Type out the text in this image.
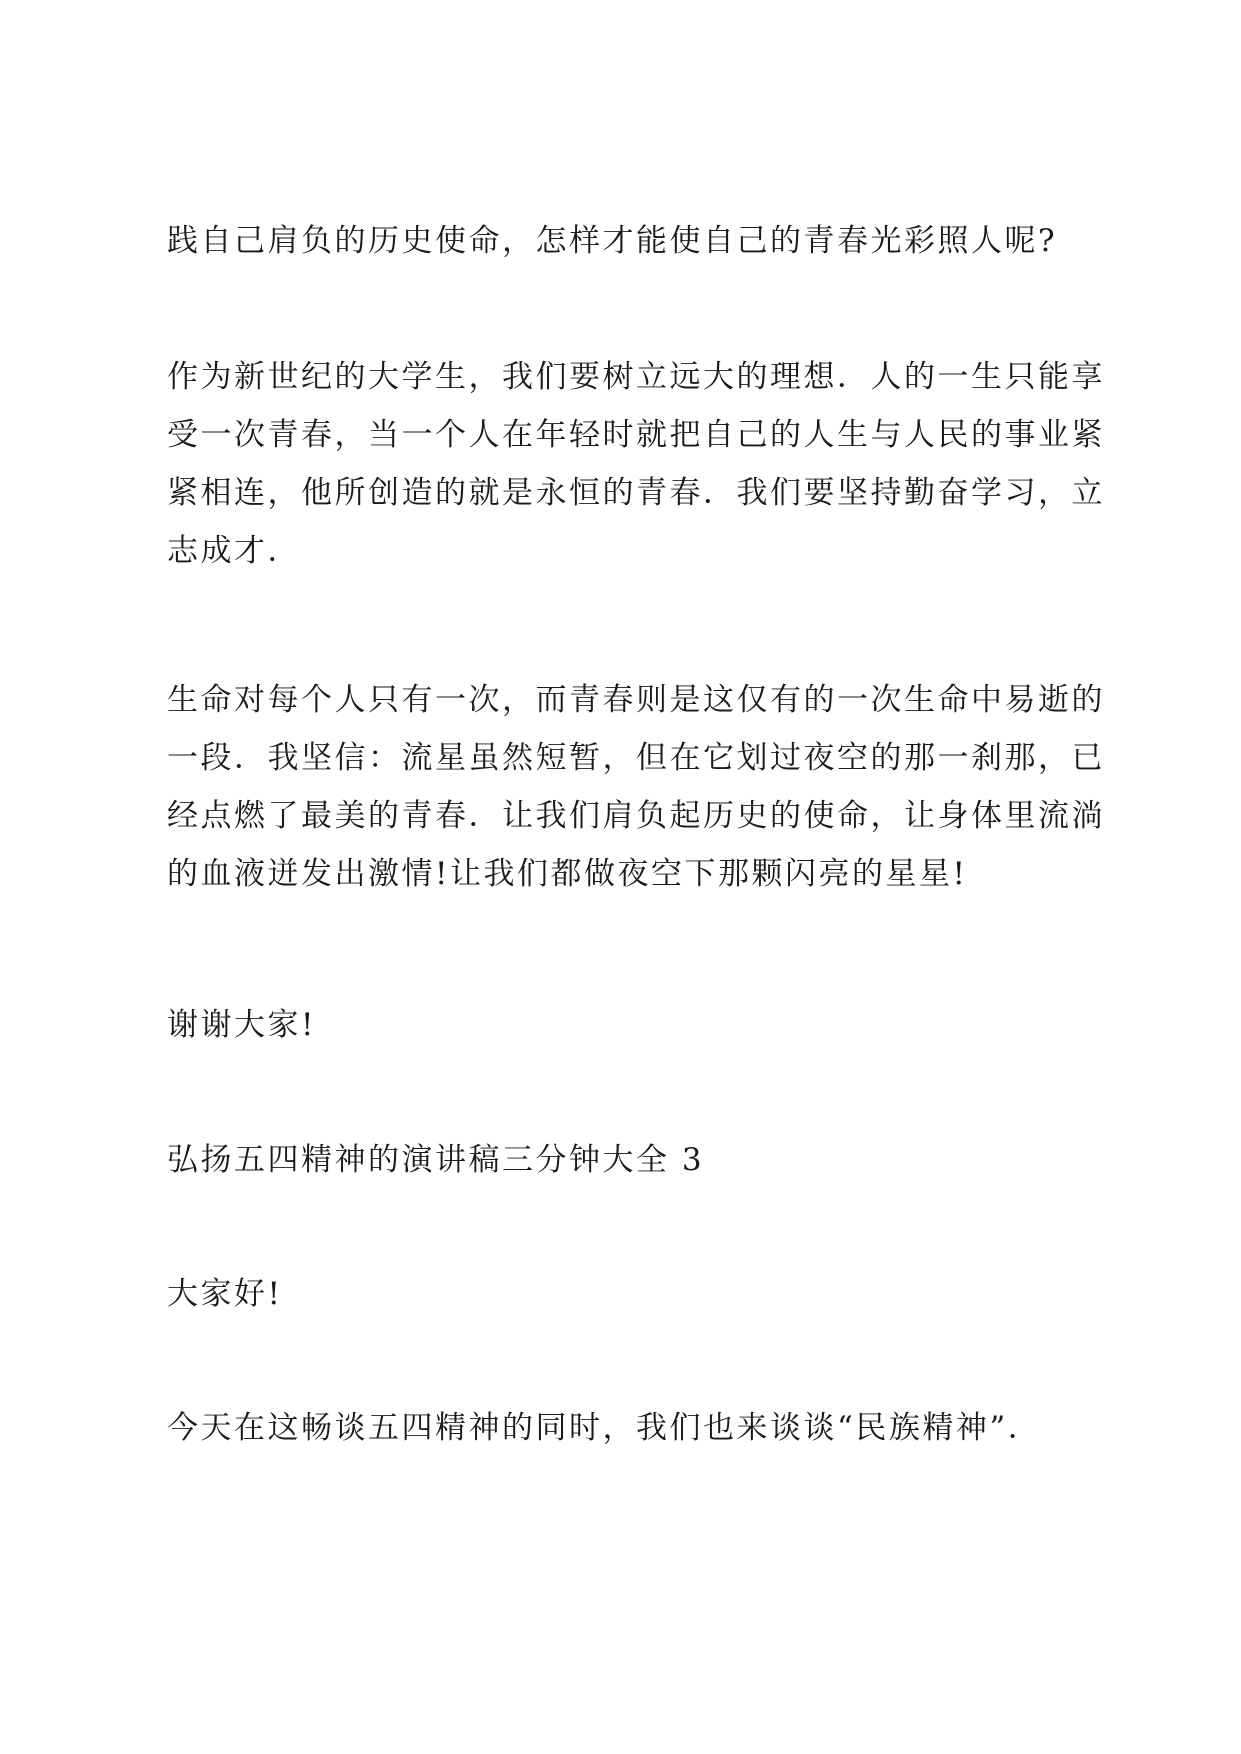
践自己肩负的历史使命，怎样才能使自己的青春光彩照人呢?

作为新世纪的大学生，我们要树立远大的理想．人的一生只能享
受一次青春，当一个人在年轻时就把自己的人生与人民的事业紧
紧相连，他所创造的就是永恒的青春．我们要坚持勤奋学习，立
志成才．

生命对每个人只有一次，而青春则是这仅有的一次生命中易逝的
一段．我坚信：流星虽然短暂，但在它划过夜空的那一刹那，已
经点燃了最美的青春．让我们肩负起历史的使命，让身体里流淌
的血液迸发出激情!让我们都做夜空下那颗闪亮的星星!

谢谢大家!

弘扬五四精神的演讲稿三分钟大全 3

大家好!

今天在这畅谈五四精神的同时，我们也来谈谈“民族精神”．
